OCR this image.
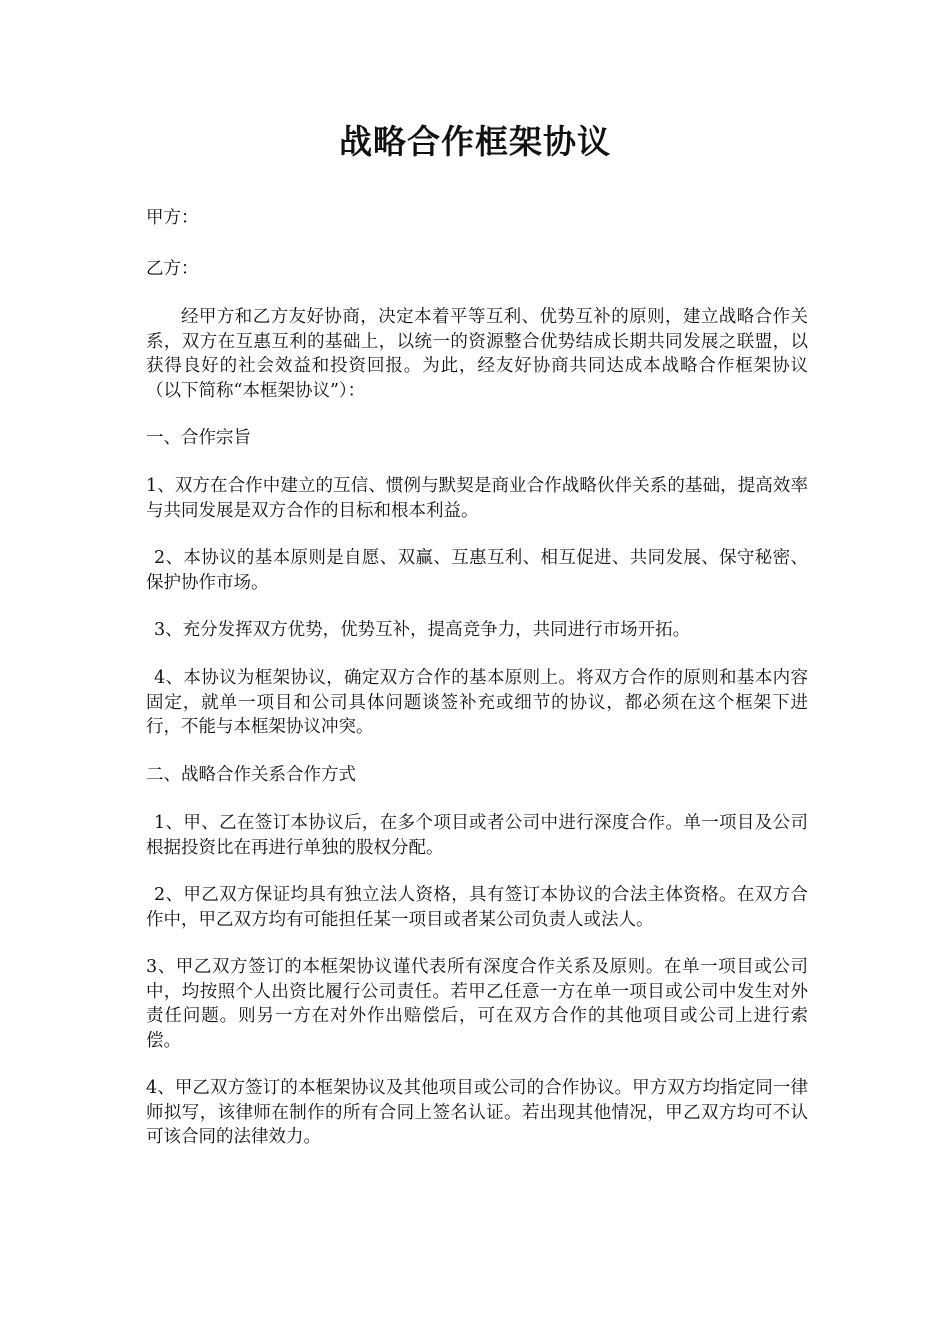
战略合作框架协议

甲方：

乙方：

经甲方和乙方友好协商，决定本着平等互利、优势互补的原则，建立战略合作关系，双方在互惠互利的基础上，以统一的资源整合优势结成长期共同发展之联盟，以获得良好的社会效益和投资回报。为此，经友好协商共同达成本战略合作框架协议（以下简称“本框架协议”）：

一、合作宗旨

1、双方在合作中建立的互信、惯例与默契是商业合作战略伙伴关系的基础，提高效率与共同发展是双方合作的目标和根本利益。

2、本协议的基本原则是自愿、双赢、互惠互利、相互促进、共同发展、保守秘密、保护协作市场。

3、充分发挥双方优势，优势互补，提高竞争力，共同进行市场开拓。

4、本协议为框架协议，确定双方合作的基本原则上。将双方合作的原则和基本内容固定，就单一项目和公司具体问题谈签补充或细节的协议，都必须在这个框架下进行，不能与本框架协议冲突。

二、战略合作关系合作方式

1、甲、乙在签订本协议后，在多个项目或者公司中进行深度合作。单一项目及公司根据投资比在再进行单独的股权分配。

2、甲乙双方保证均具有独立法人资格，具有签订本协议的合法主体资格。在双方合作中，甲乙双方均有可能担任某一项目或者某公司负责人或法人。

3、甲乙双方签订的本框架协议谨代表所有深度合作关系及原则。在单一项目或公司中，均按照个人出资比履行公司责任。若甲乙任意一方在单一项目或公司中发生对外责任问题。则另一方在对外作出赔偿后，可在双方合作的其他项目或公司上进行索偿。

4、甲乙双方签订的本框架协议及其他项目或公司的合作协议。甲方双方均指定同一律师拟写，该律师在制作的所有合同上签名认证。若出现其他情况，甲乙双方均可不认可该合同的法律效力。
